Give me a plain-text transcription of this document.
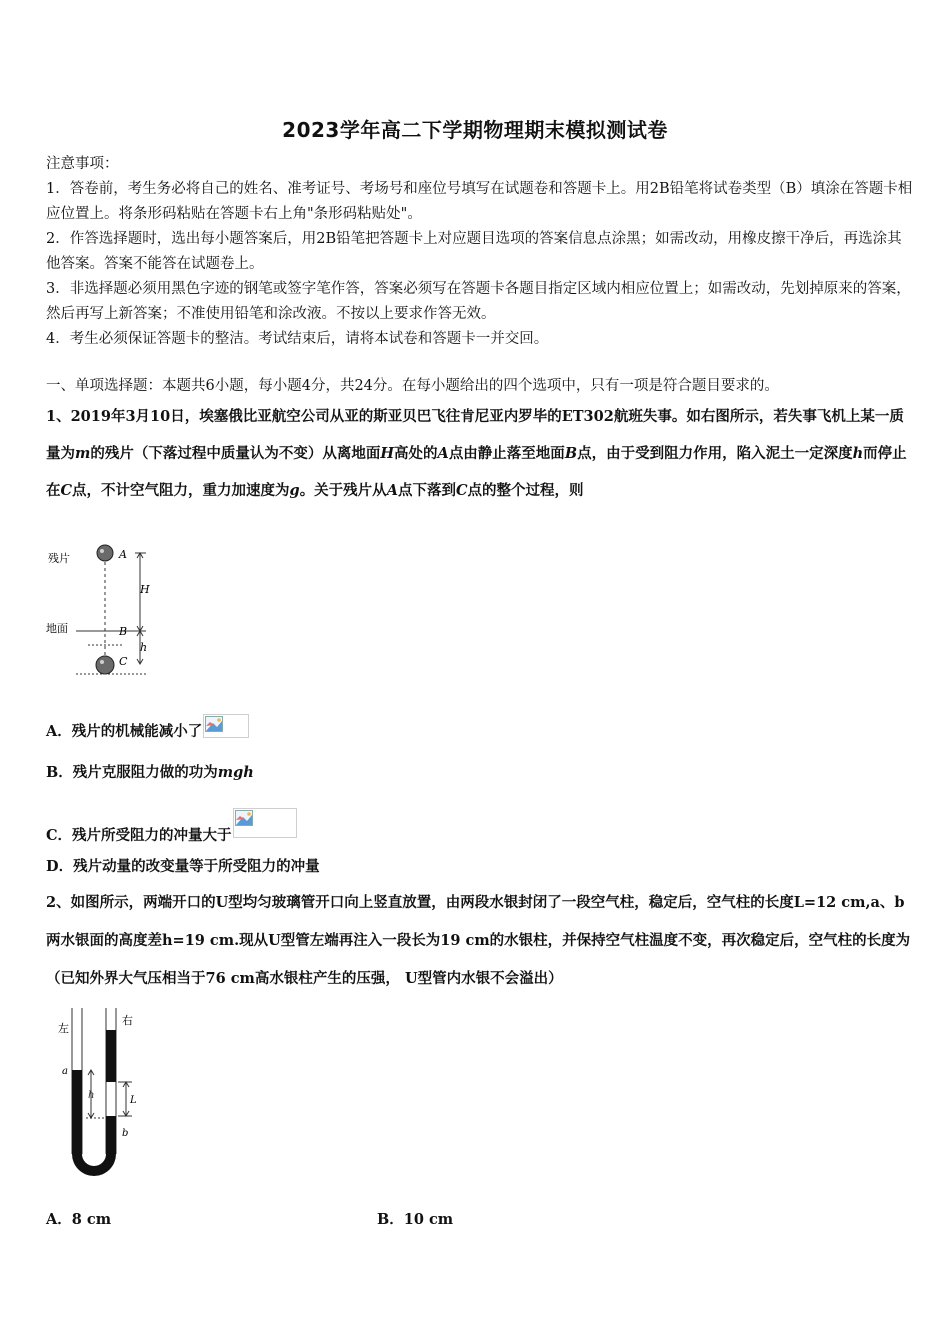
2023学年高二下学期物理期末模拟测试卷

注意事项：

1．答卷前，考生务必将自己的姓名、准考证号、考场号和座位号填写在试题卷和答题卡上。用2B铅笔将试卷类型（B）填涂在答题卡相应位置上。将条形码粘贴在答题卡右上角"条形码粘贴处"。

2．作答选择题时，选出每小题答案后，用2B铅笔把答题卡上对应题目选项的答案信息点涂黑；如需改动，用橡皮擦干净后，再选涂其他答案。答案不能答在试题卷上。

3．非选择题必须用黑色字迹的钢笔或签字笔作答，答案必须写在答题卡各题目指定区域内相应位置上；如需改动，先划掉原来的答案，然后再写上新答案；不准使用铅笔和涂改液。不按以上要求作答无效。

4．考生必须保证答题卡的整洁。考试结束后，请将本试卷和答题卡一并交回。

一、单项选择题：本题共6小题，每小题4分，共24分。在每小题给出的四个选项中，只有一项是符合题目要求的。
1、2019年3月10日，埃塞俄比亚航空公司从亚的斯亚贝巴飞往肯尼亚内罗毕的ET302航班失事。如右图所示，若失事飞机上某一质量为m的残片（下落过程中质量认为不变）从离地面H高处的A点由静止落至地面B点，由于受到阻力作用，陷入泥土一定深度h而停止在C点，不计空气阻力，重力加速度为g。关于残片从A点下落到C点的整个过程，则
残片
地面
A
H
B
h
C
A．残片的机械能减小了
B．残片克服阻力做的功为mgh
C．残片所受阻力的冲量大于
D．残片动量的改变量等于所受阻力的冲量
2、如图所示，两端开口的U型均匀玻璃管开口向上竖直放置，由两段水银封闭了一段空气柱，稳定后，空气柱的长度L=12 cm,a、b两水银面的高度差h=19 cm.现从U型管左端再注入一段长为19 cm的水银柱，并保持空气柱温度不变，再次稳定后，空气柱的长度为（已知外界大气压相当于76 cm高水银柱产生的压强， U型管内水银不会溢出）
左
右
a
h	L
b
A．8 cm	B．10 cm
